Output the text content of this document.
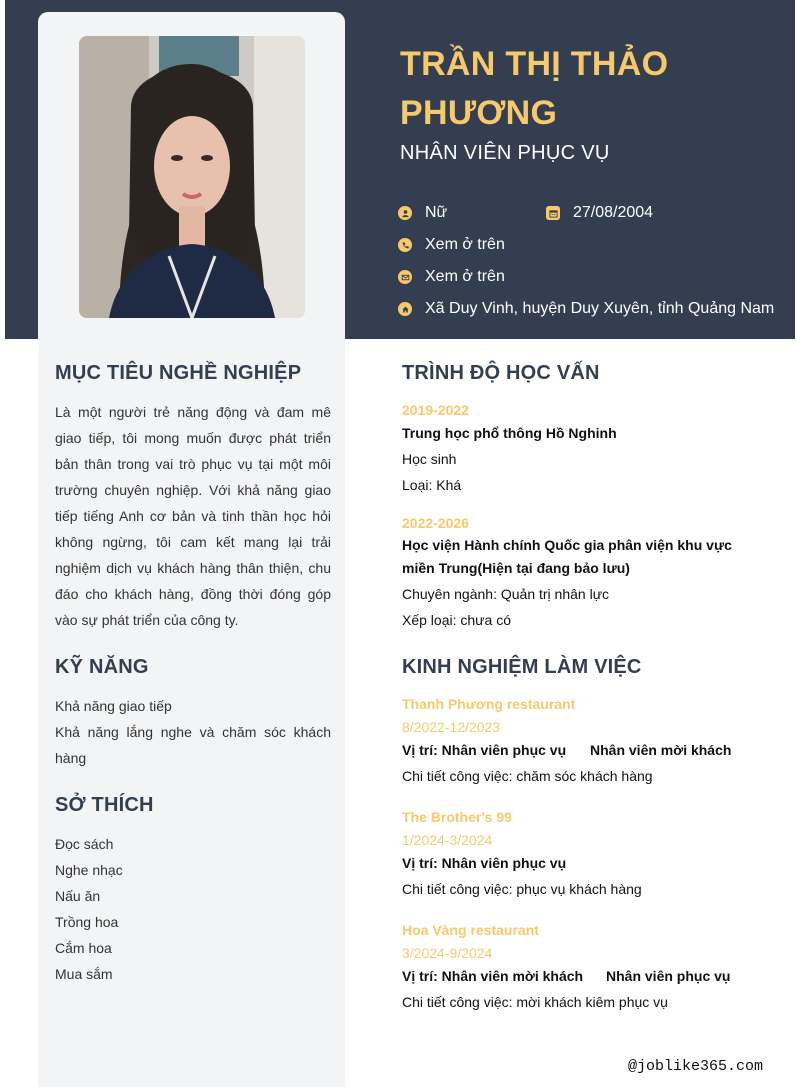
TRẦN THỊ THẢO PHƯƠNG
NHÂN VIÊN PHỤC VỤ
Nữ	27/08/2004
Xem ở trên
Xem ở trên
Xã Duy Vinh, huyện Duy Xuyên, tỉnh Quảng Nam
MỤC TIÊU NGHỀ NGHIỆP
Là một người trẻ năng động và đam mê giao tiếp, tôi mong muốn được phát triển bản thân trong vai trò phục vụ tại một môi trường chuyên nghiệp. Với khả năng giao tiếp tiếng Anh cơ bản và tinh thần học hỏi không ngừng, tôi cam kết mang lại trải nghiệm dịch vụ khách hàng thân thiện, chu đáo cho khách hàng, đồng thời đóng góp vào sự phát triển của công ty.
KỸ NĂNG
Khả năng giao tiếp
Khả năng lắng nghe và chăm sóc khách hàng
SỞ THÍCH
Đọc sách
Nghe nhạc
Nấu ăn
Trồng hoa
Cắm hoa
Mua sắm
TRÌNH ĐỘ HỌC VẤN
2019-2022
Trung học phổ thông Hồ Nghinh
Học sinh
Loại: Khá
2022-2026
Học viện Hành chính Quốc gia phân viện khu vực miền Trung(Hiện tại đang bảo lưu)
Chuyên ngành: Quản trị nhân lực
Xếp loại: chưa có
KINH NGHIỆM LÀM VIỆC
Thanh Phương restaurant
8/2022-12/2023
Vị trí: Nhân viên phục vụ Nhân viên mời khách
Chi tiết công việc: chăm sóc khách hàng
The Brother's 99
1/2024-3/2024
Vị trí: Nhân viên phục vụ
Chi tiết công việc: phục vụ khách hàng
Hoa Vàng restaurant
3/2024-9/2024
Vị trí: Nhân viên mời khách Nhân viên phục vụ
Chi tiết công việc: mời khách kiêm phục vụ
@joblike365.com
